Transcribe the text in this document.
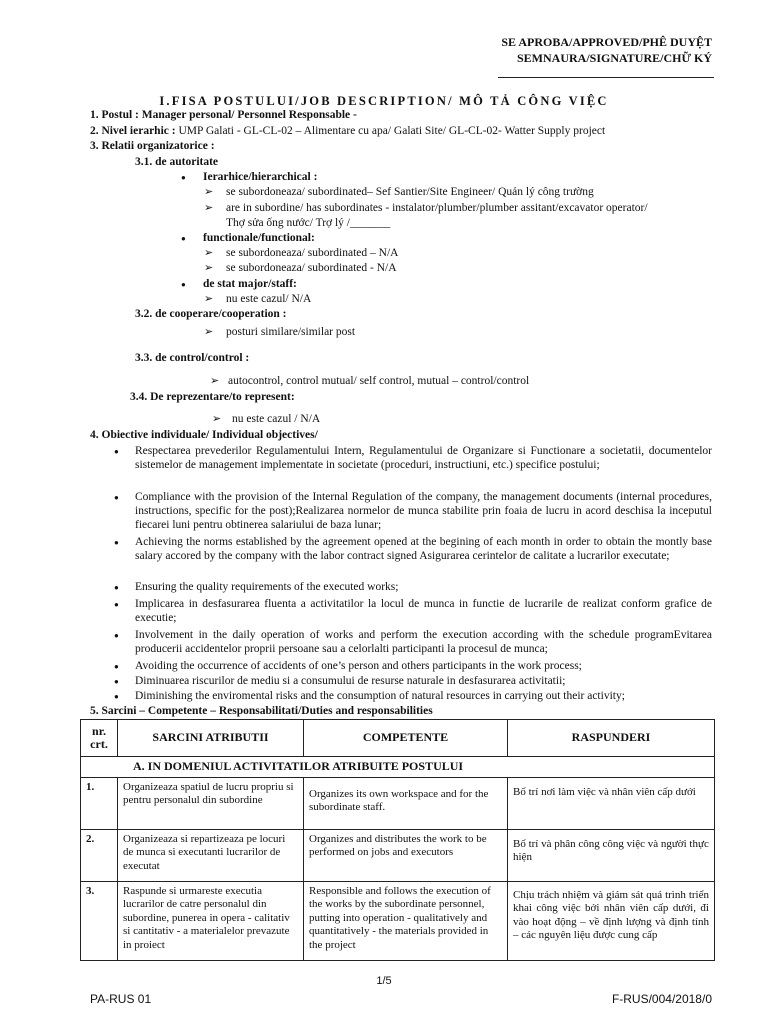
SE APROBA/APPROVED/PHÊ DUYỆT
SEMNAURA/SIGNATURE/CHỮ KÝ
I.FISA POSTULUI/JOB DESCRIPTION/ MÔ TẢ CÔNG VIỆC
1. Postul : Manager personal/ Personnel Responsable -
2. Nivel ierarhic : UMP Galati - GL-CL-02 – Alimentare cu apa/ Galati Site/ GL-CL-02- Watter Supply project
3. Relatii organizatorice :
3.1. de autoritate
● Ierarhice/hierarchical :
➢ se subordoneaza/ subordinated– Sef Santier/Site Engineer/ Quản lý công trường
➢ are in subordine/ has subordinates - instalator/plumber/plumber assitant/excavator operator/
Thợ sửa ống nước/ Trợ lý /_______
● functionale/functional:
➢ se subordoneaza/ subordinated – N/A
➢ se subordoneaza/ subordinated - N/A
● de stat major/staff:
➢ nu este cazul/ N/A
3.2. de cooperare/cooperation :
➢ posturi similare/similar post
3.3. de control/control :
➢ autocontrol, control mutual/ self control, mutual – control/control
3.4. De reprezentare/to represent:
➢ nu este cazul / N/A
4. Obiective individuale/ Individual objectives/
● Respectarea prevederilor Regulamentului Intern, Regulamentului de Organizare si Functionare a societatii, documentelor sistemelor de management implementate in societate (proceduri, instructiuni, etc.) specifice postului;
● Compliance with the provision of the Internal Regulation of the company, the management documents (internal procedures, instructions, specific for the post);Realizarea normelor de munca stabilite prin foaia de lucru in acord deschisa la inceputul fiecarei luni pentru obtinerea salariului de baza lunar;
● Achieving the norms established by the agreement opened at the begining of each month in order to obtain the montly base salary accored by the company with the labor contract signed Asigurarea cerintelor de calitate a lucrarilor executate;
● Ensuring the quality requirements of the executed works;
● Implicarea in desfasurarea fluenta a activitatilor la locul de munca in functie de lucrarile de realizat conform grafice de executie;
● Involvement in the daily operation of works and perform the execution according with the schedule programEvitarea producerii accidentelor proprii persoane sau a celorlalti participanti la procesul de munca;
● Avoiding the occurrence of accidents of one’s person and others participants in the work process;
● Diminuarea riscurilor de mediu si a consumului de resurse naturale in desfasurarea activitatii;
● Diminishing the enviromental risks and the consumption of natural resources in carrying out their activity;
5. Sarcini – Competente – Responsabilitati/Duties and responsabilities
nr. crt.	SARCINI ATRIBUTII	COMPETENTE	RASPUNDERI
A. IN DOMENIUL ACTIVITATILOR ATRIBUITE POSTULUI			
1.	Organizeaza spatiul de lucru propriu si pentru personalul din subordine	Organizes its own workspace and for the subordinate staff.	Bố trí nơi làm việc và nhân viên cấp dưới
2.	Organizeaza si repartizeaza pe locuri de munca si executanti lucrarilor de executat	Organizes and distributes the work to be performed on jobs and executors	Bố trí và phân công công việc và người thực hiện
3.	Raspunde si urmareste executia lucrarilor de catre personalul din subordine, punerea in opera - calitativ si cantitativ - a materialelor prevazute in proiect	Responsible and follows the execution of the works by the subordinate personnel, putting into operation - qualitatively and quantitatively - the materials provided in the project	Chịu trách nhiệm và giám sát quá trình triển khai công việc bởi nhân viên cấp dưới, đi vào hoạt động – về định lượng và định tính – các nguyên liệu được cung cấp
1/5
PA-RUS 01	F-RUS/004/2018/0
